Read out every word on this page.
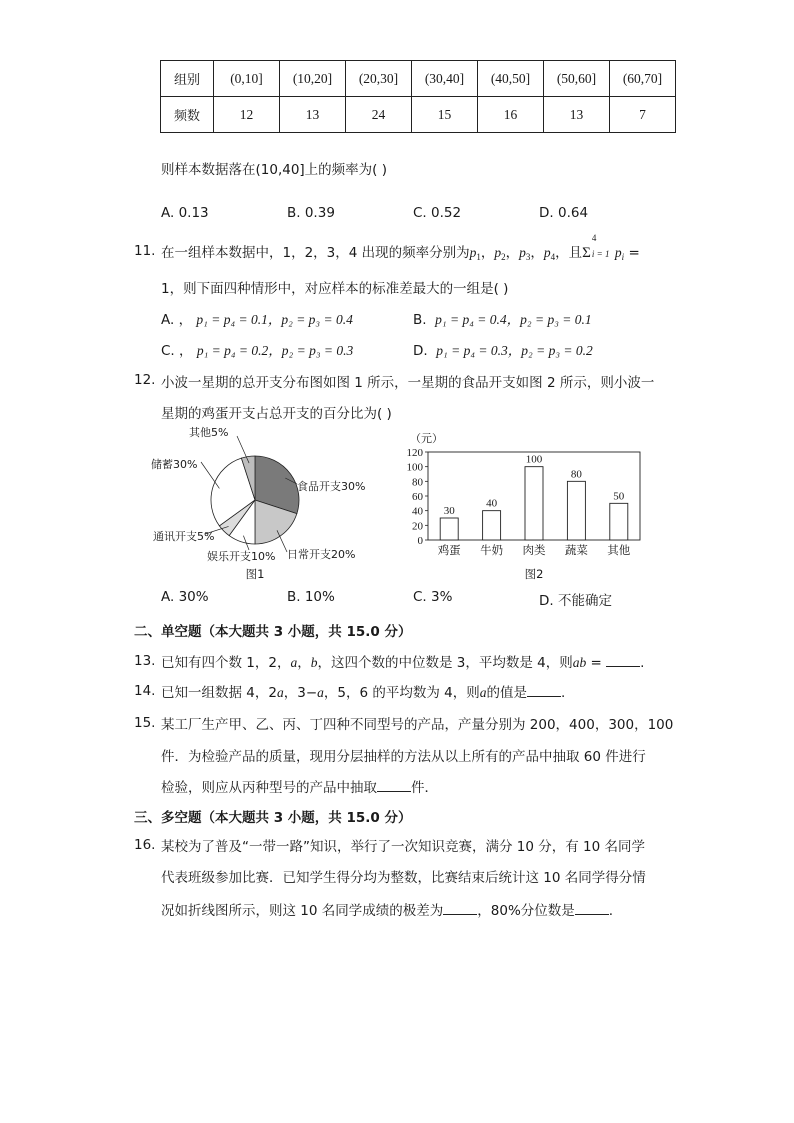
组别	(0,10]	(10,20]	(20,30]	(30,40]	(40,50]	(50,60]	(60,70]
频数	12	13	24	15	16	13	7
则样本数据落在(10,40]上的频率为( )
A. 0.13	B. 0.39	C. 0.52	D. 0.64
11. 在一组样本数据中，1，2，3，4 出现的频率分别为$p_1$，$p_2$，$p_3$，$p_4$，且Σ
4
i = 1 $p_i$ =
1，则下面四种情形中，对应样本的标准差最大的一组是( )
A. ， p₁ = p₄ = 0.1，p₂ = p₃ = 0.4	B. p₁ = p₄ = 0.4，p₂ = p₃ = 0.1
C. ， p₁ = p₄ = 0.2，p₂ = p₃ = 0.3	D. p₁ = p₄ = 0.3，p₂ = p₃ = 0.2
12. 小波一星期的总开支分布图如图 1 所示，一星期的食品开支如图 2 所示，则小波一
星期的鸡蛋开支占总开支的百分比为( )
食品开支30%
日常开支20%
娱乐开支10%
通讯开支5%
储蓄30%
其他5%
图1
（元）
0
20
40
60
80
100
120
30
鸡蛋
40
牛奶
100
肉类
80
蔬菜
50
其他
图2
A. 30%	B. 10%	C. 3%	D. 不能确定
二、单空题（本大题共 3 小题，共 15.0 分）
13. 已知有四个数 1，2，a，b，这四个数的中位数是 3，平均数是 4，则ab =	.
14. 已知一组数据 4，2a，3−a，5，6 的平均数为 4，则a的值是	.
15. 某工厂生产甲、乙、丙、丁四种不同型号的产品，产量分别为 200，400，300，100
件．为检验产品的质量，现用分层抽样的方法从以上所有的产品中抽取 60 件进行
检验，则应从丙种型号的产品中抽取	件．
三、多空题（本大题共 3 小题，共 15.0 分）
16. 某校为了普及“一带一路”知识，举行了一次知识竞赛，满分 10 分，有 10 名同学
代表班级参加比赛．已知学生得分均为整数，比赛结束后统计这 10 名同学得分情
况如折线图所示，则这 10 名同学成绩的极差为	，80%分位数是	.
